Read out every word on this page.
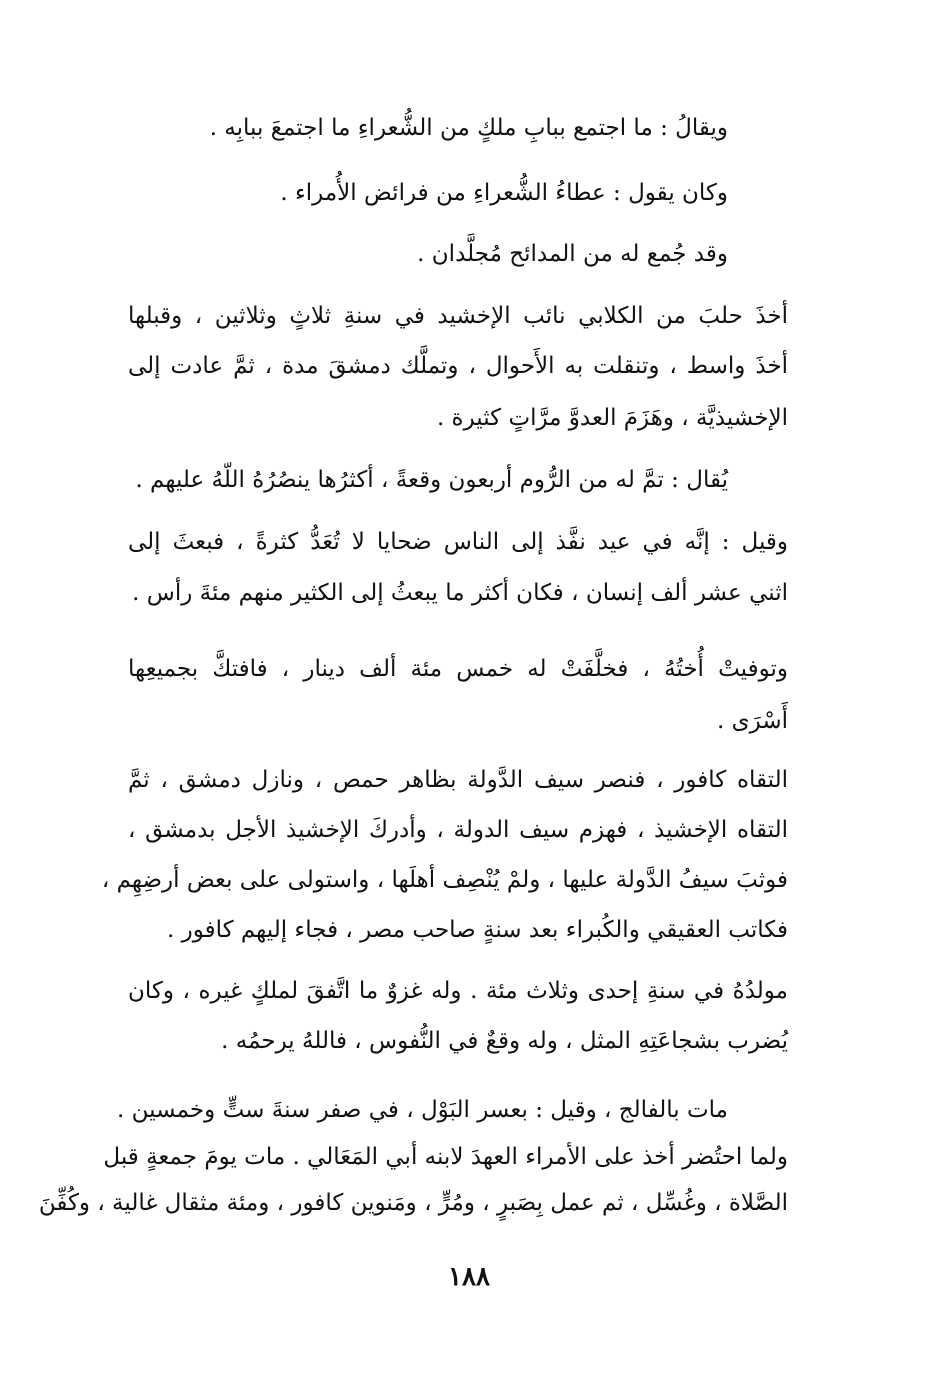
ويقالُ : ما اجتمع ببابِ ملكٍ من الشُّعراءِ ما اجتمعَ ببابِه .
وكان يقول : عطاءُ الشُّعراءِ من فرائض الأُمراء .
وقد جُمع له من المدائح مُجلَّدان .
أخذَ حلبَ من الكلابي نائب الإخشيد في سنةِ ثلاثٍ وثلاثين ، وقبلها
أخذَ واسط ، وتنقلت به الأَحوال ، وتملَّك دمشقَ مدة ، ثمَّ عادت إلى
الإخشيذيَّة ، وهَزَمَ العدوَّ مرَّاتٍ كثيرة .
يُقال : تمَّ له من الرُّوم أربعون وقعةً ، أكثرُها ينصُرُهُ اللّهُ عليهم .
وقيل : إنَّه في عيد نفَّذ إلى الناس ضحايا لا تُعَدُّ كثرةً ، فبعثَ إلى
اثني عشر ألف إنسان ، فكان أكثر ما يبعثُ إلى الكثير منهم مئةَ رأس .
وتوفيتْ أُختُهُ ، فخلَّفَتْ له خمس مئة ألف دينار ، فافتكَّ بجميعِها
أَسْرَى .
التقاه كافور ، فنصر سيف الدَّولة بظاهر حمص ، ونازل دمشق ، ثمَّ
التقاه الإخشيذ ، فهزم سيف الدولة ، وأدركَ الإخشيذ الأجل بدمشق ،
فوثبَ سيفُ الدَّولة عليها ، ولمْ يُنْصِف أهلَها ، واستولى على بعض أرضِهِم ،
فكاتب العقيقي والكُبراء بعد سنةٍ صاحب مصر ، فجاء إليهم كافور .
مولدُهُ في سنةِ إحدى وثلاث مئة . وله غزوٌ ما اتَّفقَ لملكٍ غيره ، وكان
يُضرب بشجاعَتِهِ المثل ، وله وقعٌ في النُّفوس ، فاللهُ يرحمُه .
مات بالفالج ، وقيل : بعسر البَوْل ، في صفر سنةَ ستٍّ وخمسين .
ولما احتُضر أخذ على الأمراء العهدَ لابنه أبي المَعَالي . مات يومَ جمعةٍ قبل
الصَّلاة ، وغُسِّل ، ثم عمل بِصَبرٍ ، ومُرٍّ ، ومَنوين كافور ، ومئة مثقال غالية ، وكُفِّنَ
١٨٨
